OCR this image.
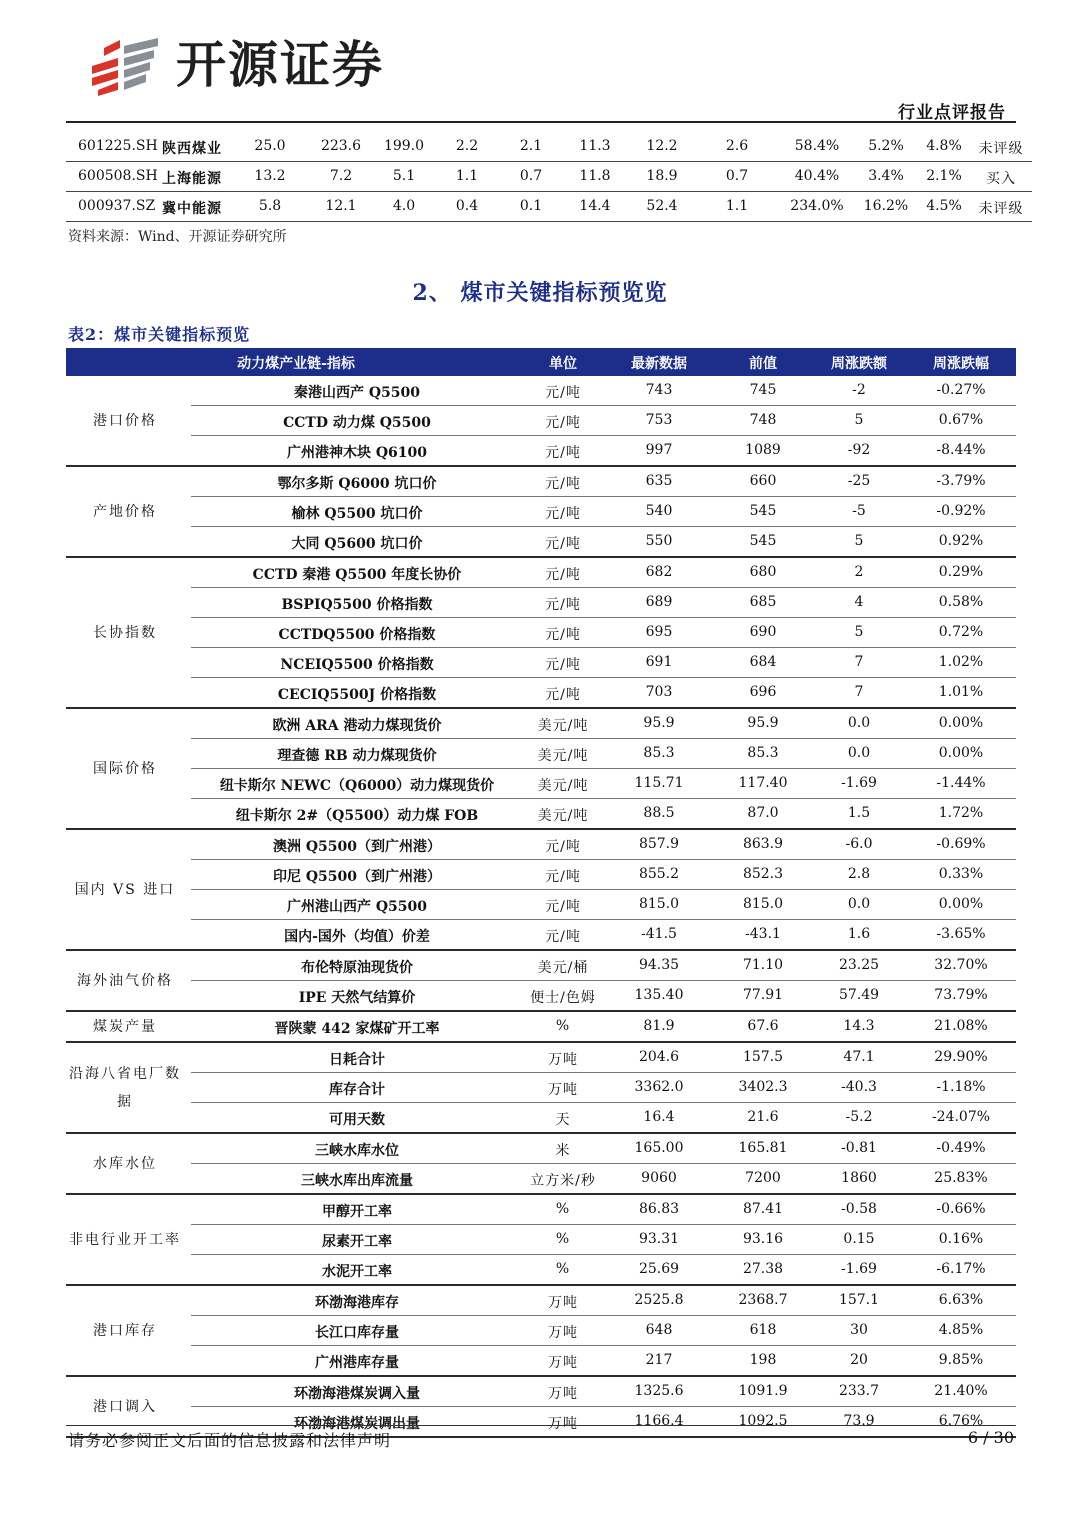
开源证券
行业点评报告
601225.SH 陕西煤业	25.0	223.6	199.0	2.2	2.1	11.3	12.2	2.6	58.4%	5.2%	4.8%	未评级
600508.SH 上海能源	13.2	7.2	5.1	1.1	0.7	11.8	18.9	0.7	40.4%	3.4%	2.1%	买入
000937.SZ 冀中能源	5.8	12.1	4.0	0.4	0.1	14.4	52.4	1.1	234.0%	16.2%	4.5%	未评级
资料来源：Wind、开源证券研究所
2、 煤市关键指标预览览
表2：煤市关键指标预览
动力煤产业链-指标	单位	最新数据	前值	周涨跌额	周涨跌幅
港口价格
秦港山西产 Q5500	元/吨	743	745	-2	-0.27%
CCTD 动力煤 Q5500	元/吨	753	748	5	0.67%
广州港神木块 Q6100	元/吨	997	1089	-92	-8.44%
产地价格
鄂尔多斯 Q6000 坑口价	元/吨	635	660	-25	-3.79%
榆林 Q5500 坑口价	元/吨	540	545	-5	-0.92%
大同 Q5600 坑口价	元/吨	550	545	5	0.92%
长协指数
CCTD 秦港 Q5500 年度长协价	元/吨	682	680	2	0.29%
BSPIQ5500 价格指数	元/吨	689	685	4	0.58%
CCTDQ5500 价格指数	元/吨	695	690	5	0.72%
NCEIQ5500 价格指数	元/吨	691	684	7	1.02%
CECIQ5500J 价格指数	元/吨	703	696	7	1.01%
国际价格
欧洲 ARA 港动力煤现货价	美元/吨	95.9	95.9	0.0	0.00%
理查德 RB 动力煤现货价	美元/吨	85.3	85.3	0.0	0.00%
纽卡斯尔 NEWC（Q6000）动力煤现货价	美元/吨	115.71	117.40	-1.69	-1.44%
纽卡斯尔 2#（Q5500）动力煤 FOB	美元/吨	88.5	87.0	1.5	1.72%
国内 VS 进口
澳洲 Q5500（到广州港）	元/吨	857.9	863.9	-6.0	-0.69%
印尼 Q5500（到广州港）	元/吨	855.2	852.3	2.8	0.33%
广州港山西产 Q5500	元/吨	815.0	815.0	0.0	0.00%
国内-国外（均值）价差	元/吨	-41.5	-43.1	1.6	-3.65%
海外油气价格
布伦特原油现货价	美元/桶	94.35	71.10	23.25	32.70%
IPE 天然气结算价	便士/色姆	135.40	77.91	57.49	73.79%
煤炭产量	晋陕蒙 442 家煤矿开工率	%	81.9	67.6	14.3	21.08%
沿海八省电厂数据
日耗合计	万吨	204.6	157.5	47.1	29.90%
库存合计	万吨	3362.0	3402.3	-40.3	-1.18%
可用天数	天	16.4	21.6	-5.2	-24.07%
水库水位
三峡水库水位	米	165.00	165.81	-0.81	-0.49%
三峡水库出库流量	立方米/秒	9060	7200	1860	25.83%
非电行业开工率
甲醇开工率	%	86.83	87.41	-0.58	-0.66%
尿素开工率	%	93.31	93.16	0.15	0.16%
水泥开工率	%	25.69	27.38	-1.69	-6.17%
港口库存
环渤海港库存	万吨	2525.8	2368.7	157.1	6.63%
长江口库存量	万吨	648	618	30	4.85%
广州港库存量	万吨	217	198	20	9.85%
港口调入
环渤海港煤炭调入量	万吨	1325.6	1091.9	233.7	21.40%
环渤海港煤炭调出量	万吨	1166.4	1092.5	73.9	6.76%
请务必参阅正文后面的信息披露和法律声明	6 / 30
